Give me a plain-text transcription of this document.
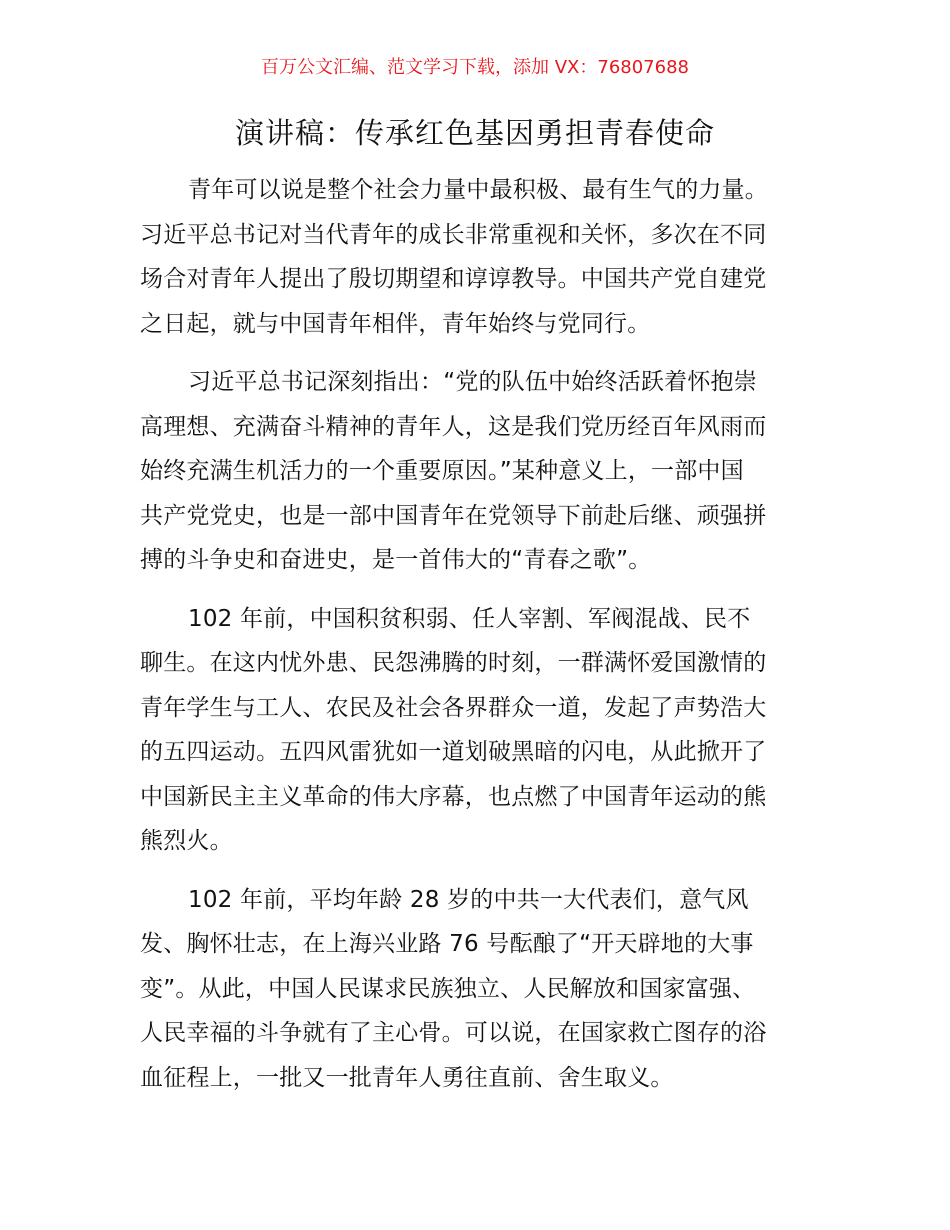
百万公文汇编、范文学习下载，添加 VX：76807688
演讲稿：传承红色基因勇担青春使命
青年可以说是整个社会力量中最积极、最有生气的力量。
习近平总书记对当代青年的成长非常重视和关怀，多次在不同
场合对青年人提出了殷切期望和谆谆教导。中国共产党自建党
之日起，就与中国青年相伴，青年始终与党同行。
习近平总书记深刻指出：“党的队伍中始终活跃着怀抱崇
高理想、充满奋斗精神的青年人，这是我们党历经百年风雨而
始终充满生机活力的一个重要原因。”某种意义上，一部中国
共产党党史，也是一部中国青年在党领导下前赴后继、顽强拼
搏的斗争史和奋进史，是一首伟大的“青春之歌”。
102 年前，中国积贫积弱、任人宰割、军阀混战、民不
聊生。在这内忧外患、民怨沸腾的时刻，一群满怀爱国激情的
青年学生与工人、农民及社会各界群众一道，发起了声势浩大
的五四运动。五四风雷犹如一道划破黑暗的闪电，从此掀开了
中国新民主主义革命的伟大序幕，也点燃了中国青年运动的熊
熊烈火。
102 年前，平均年龄 28 岁的中共一大代表们，意气风
发、胸怀壮志，在上海兴业路 76 号酝酿了“开天辟地的大事
变”。从此，中国人民谋求民族独立、人民解放和国家富强、
人民幸福的斗争就有了主心骨。可以说，在国家救亡图存的浴
血征程上，一批又一批青年人勇往直前、舍生取义。
